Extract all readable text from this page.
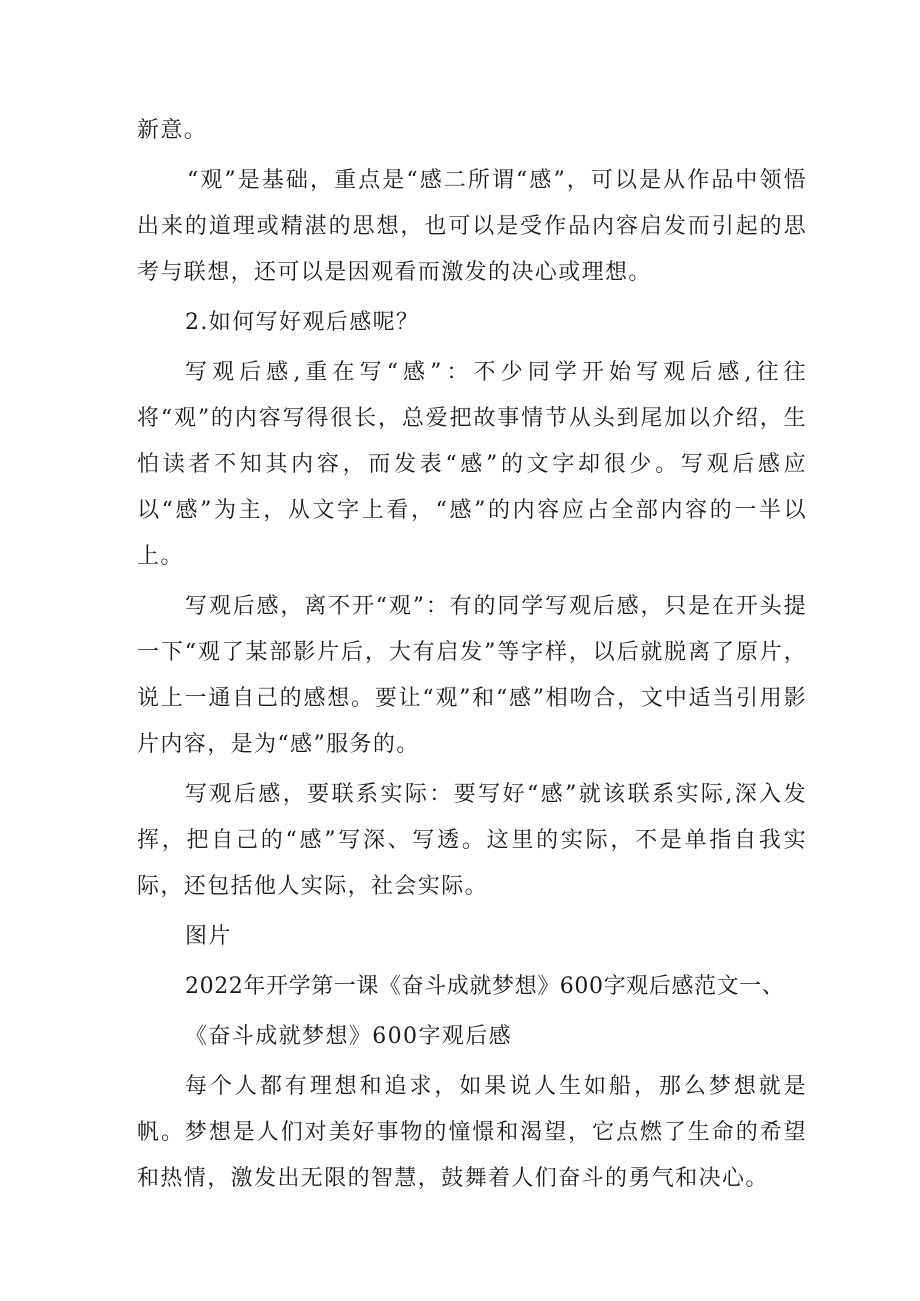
新意。

“观”是基础，重点是“感二所谓“感”，可以是从作品中领悟出来的道理或精湛的思想，也可以是受作品内容启发而引起的思考与联想，还可以是因观看而激发的决心或理想。

2.如何写好观后感呢？

写观后感,重在写“感”：不少同学开始写观后感,往往将“观”的内容写得很长，总爱把故事情节从头到尾加以介绍，生怕读者不知其内容，而发表“感”的文字却很少。写观后感应以“感”为主，从文字上看，“感”的内容应占全部内容的一半以上。

写观后感，离不开“观”：有的同学写观后感，只是在开头提一下“观了某部影片后，大有启发”等字样，以后就脱离了原片，说上一通自己的感想。要让“观”和“感”相吻合，文中适当引用影片内容，是为“感”服务的。

写观后感，要联系实际：要写好“感”就该联系实际,深入发挥，把自己的“感”写深、写透。这里的实际，不是单指自我实际，还包括他人实际，社会实际。

图片

2022年开学第一课《奋斗成就梦想》600字观后感范文一、

《奋斗成就梦想》600字观后感

每个人都有理想和追求，如果说人生如船，那么梦想就是帆。梦想是人们对美好事物的憧憬和渴望，它点燃了生命的希望和热情，激发出无限的智慧，鼓舞着人们奋斗的勇气和决心。
